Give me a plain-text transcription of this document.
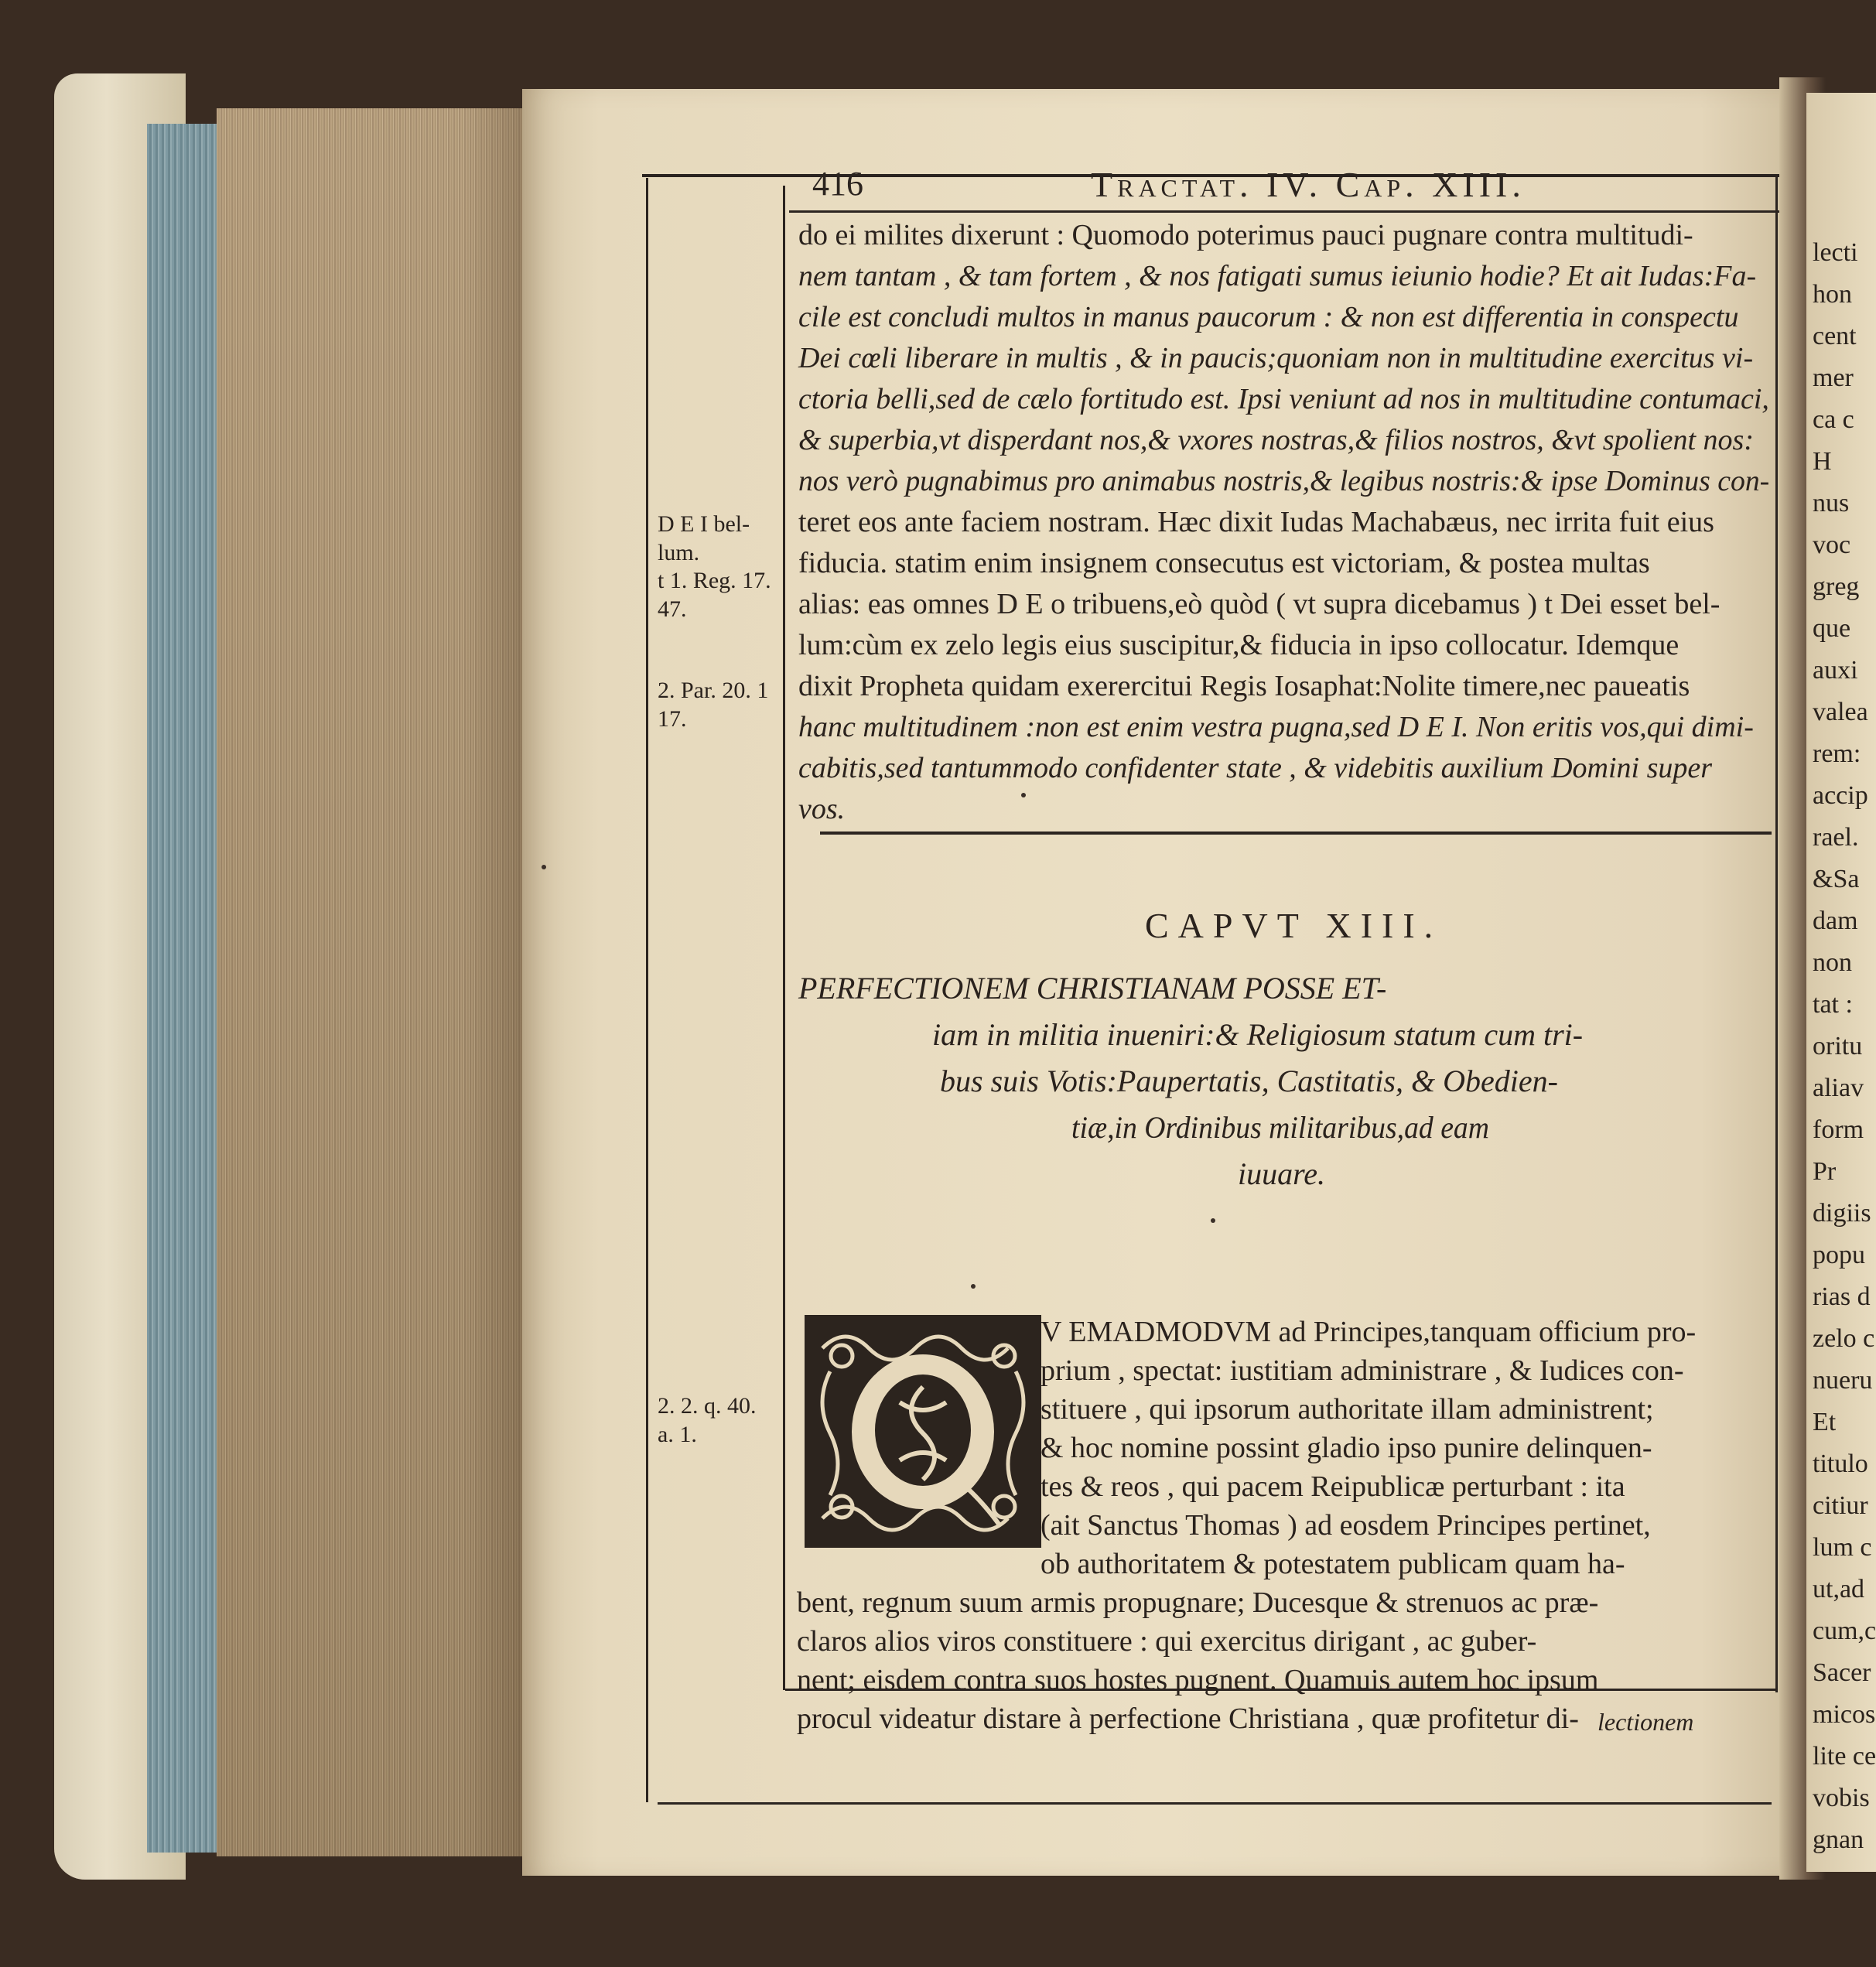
lecti
hon
cent
mer
ca c
H
nus
voc
greg
que
auxi
valea
rem:
accip
rael.
&Sa
dam
non
tat :
oritu
aliav
form
Pr
digiis
popu
rias d
zelo c
nueru
Et
titulo
citiur
lum c
ut,ad
cum,c
Sacer
micos
lite ce
vobis
gnan
416	Tractat. IV. Cap. XIII.
do ei milites dixerunt : Quomodo poterimus pauci pugnare contra multitudi-
nem tantam , & tam fortem , & nos fatigati sumus ieiunio hodie? Et ait Iudas:Fa-
cile est concludi multos in manus paucorum : & non est differentia in conspectu
Dei cœli liberare in multis , & in paucis;quoniam non in multitudine exercitus vi-
ctoria belli,sed de cælo fortitudo est. Ipsi veniunt ad nos in multitudine contumaci,
& superbia,vt disperdant nos,& vxores nostras,& filios nostros, &vt spolient nos:
nos verò pugnabimus pro animabus nostris,& legibus nostris:& ipse Dominus con-
teret eos ante faciem nostram. Hæc dixit Iudas Machabæus, nec irrita fuit eius
fiducia. statim enim insignem consecutus est victoriam, & postea multas
alias: eas omnes D E o tribuens,eò quòd ( vt supra dicebamus ) t Dei esset bel-
lum:cùm ex zelo legis eius suscipitur,& fiducia in ipso collocatur. Idemque
dixit Propheta quidam exerercitui Regis Iosaphat:Nolite timere,nec paueatis
hanc multitudinem :non est enim vestra pugna,sed D E I. Non eritis vos,qui dimi-
cabitis,sed tantummodo confidenter state , & videbitis auxilium Domini super
vos.
D E I bel-
lum.
t 1. Reg. 17.
47.
2. Par. 20. 1
17.
2. 2. q. 40.
a. 1.
CAPVT XIII.
PERFECTIONEM CHRISTIANAM POSSE ET-
iam in militia inueniri:& Religiosum statum cum tri-
bus suis Votis:Paupertatis, Castitatis, & Obedien-
tiæ,in Ordinibus militaribus,ad eam
iuuare.
V EMADMODVM ad Principes,tanquam officium pro-
prium , spectat: iustitiam administrare , & Iudices con-
stituere , qui ipsorum authoritate illam administrent;
& hoc nomine possint gladio ipso punire delinquen-
tes & reos , qui pacem Reipublicæ perturbant : ita
(ait Sanctus Thomas ) ad eosdem Principes pertinet,
ob authoritatem & potestatem publicam quam ha-
bent, regnum suum armis propugnare; Ducesque & strenuos ac præ-
claros alios viros constituere : qui exercitus dirigant , ac guber-
nent; eisdem contra suos hostes pugnent. Quamuis autem hoc ipsum
procul videatur distare à perfectione Christiana , quæ profitetur di- lectionem
